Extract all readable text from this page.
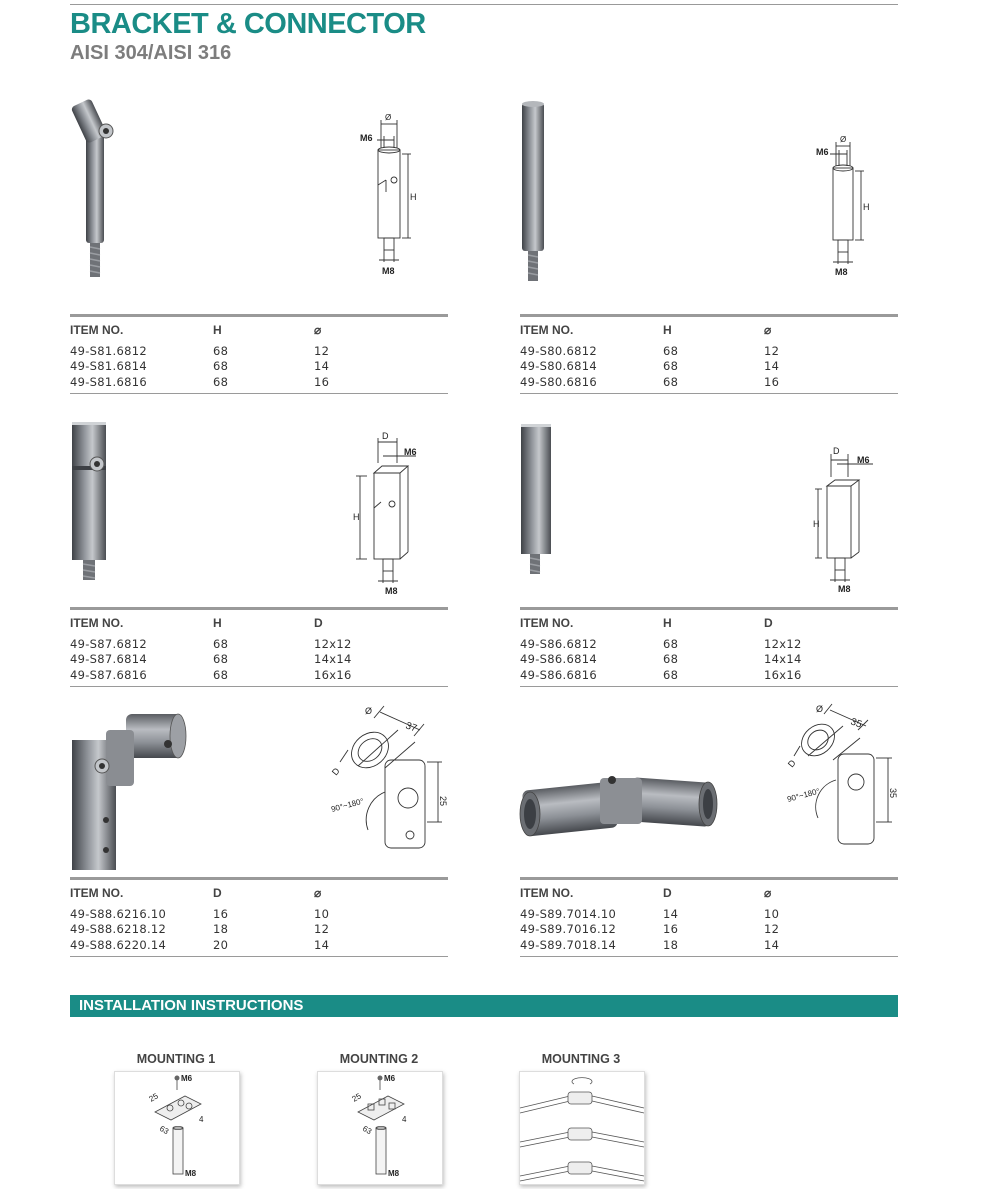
BRACKET & CONNECTOR
AISI 304/AISI 316
M6
Ø
H
M8
ITEM NO.	H	⌀
49-S81.6812	68	12
49-S81.6814	68	14
49-S81.6816	68	16
M6
Ø
H
M8
ITEM NO.	H	⌀
49-S80.6812	68	12
49-S80.6814	68	14
49-S80.6816	68	16
D
M6
H
M8
ITEM NO.	H	D
49-S87.6812	68	12x12
49-S87.6814	68	14x14
49-S87.6816	68	16x16
D
M6
H
M8
ITEM NO.	H	D
49-S86.6812	68	12x12
49-S86.6814	68	14x14
49-S86.6816	68	16x16
Ø
37
D
90°~180°	25
ITEM NO.	D	⌀
49-S88.6216.10	16	10
49-S88.6218.12	18	12
49-S88.6220.14	20	14
Ø
35
D
90°~180°	35
ITEM NO.	D	⌀
49-S89.7014.10	14	10
49-S89.7016.12	16	12
49-S89.7018.14	18	14
INSTALLATION INSTRUCTIONS
MOUNTING 1
M6
25
63
4
M8
MOUNTING 2
M6
25
63
4
M8
MOUNTING 3
